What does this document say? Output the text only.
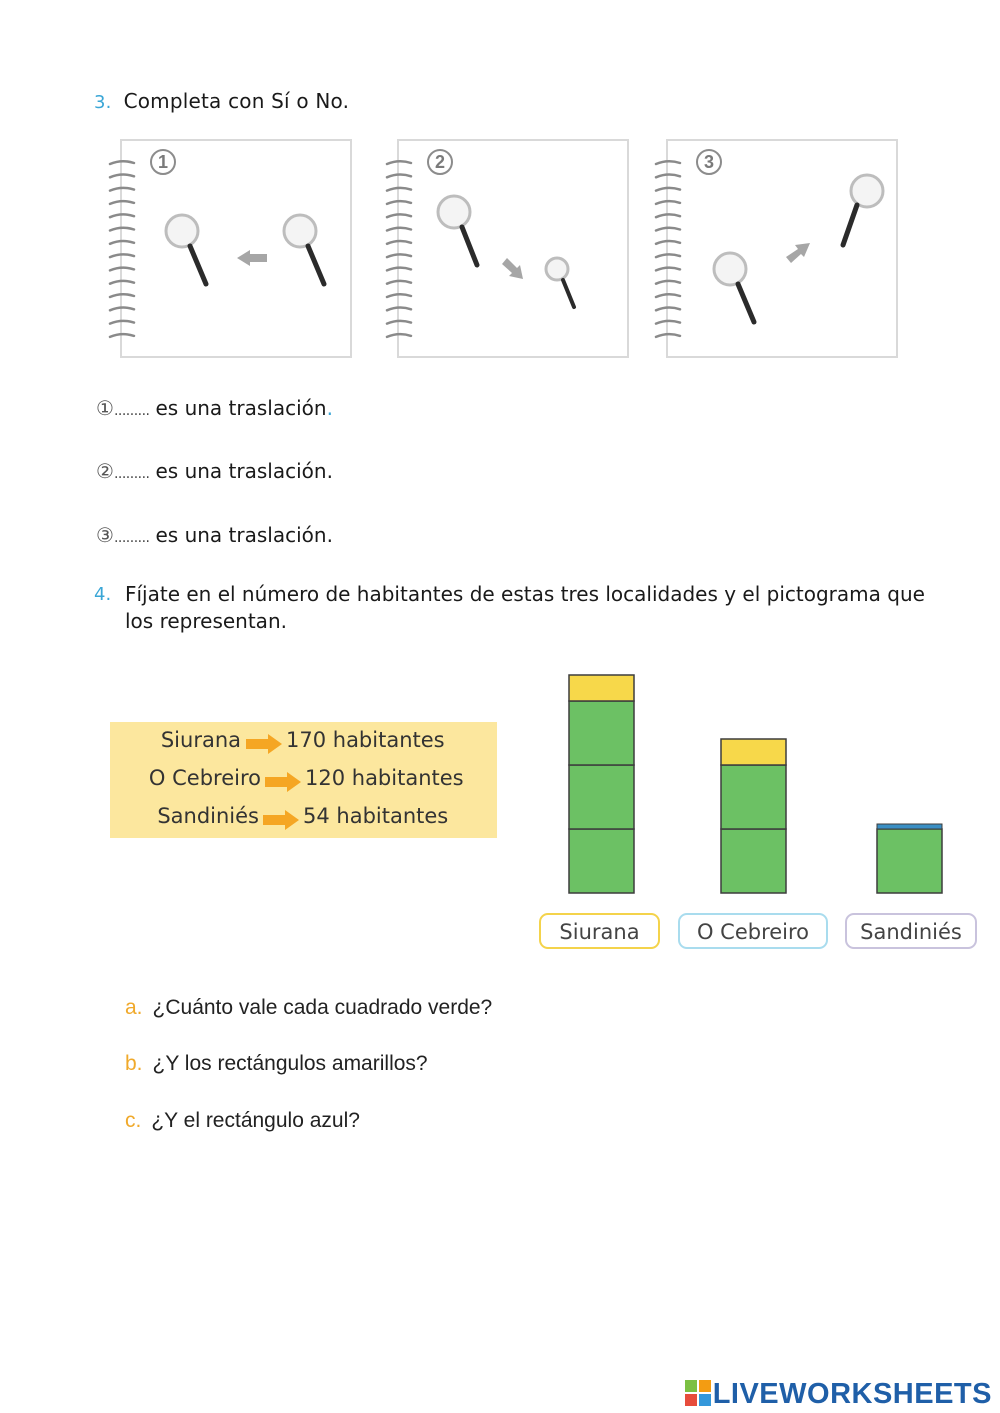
3. Completa con Sí o No.
1	2	3
①......... es una traslación.
②......... es una traslación.
③......... es una traslación.
4. Fíjate en el número de habitantes de estas tres localidades y el pictograma que los representan.
Siurana 170 habitantes
O Cebreiro 120 habitantes
Sandiniés 54 habitantes
Siurana	O Cebreiro	Sandiniés
a. ¿Cuánto vale cada cuadrado verde?
b. ¿Y los rectángulos amarillos?
c. ¿Y el rectángulo azul?
LIVEWORKSHEETS
